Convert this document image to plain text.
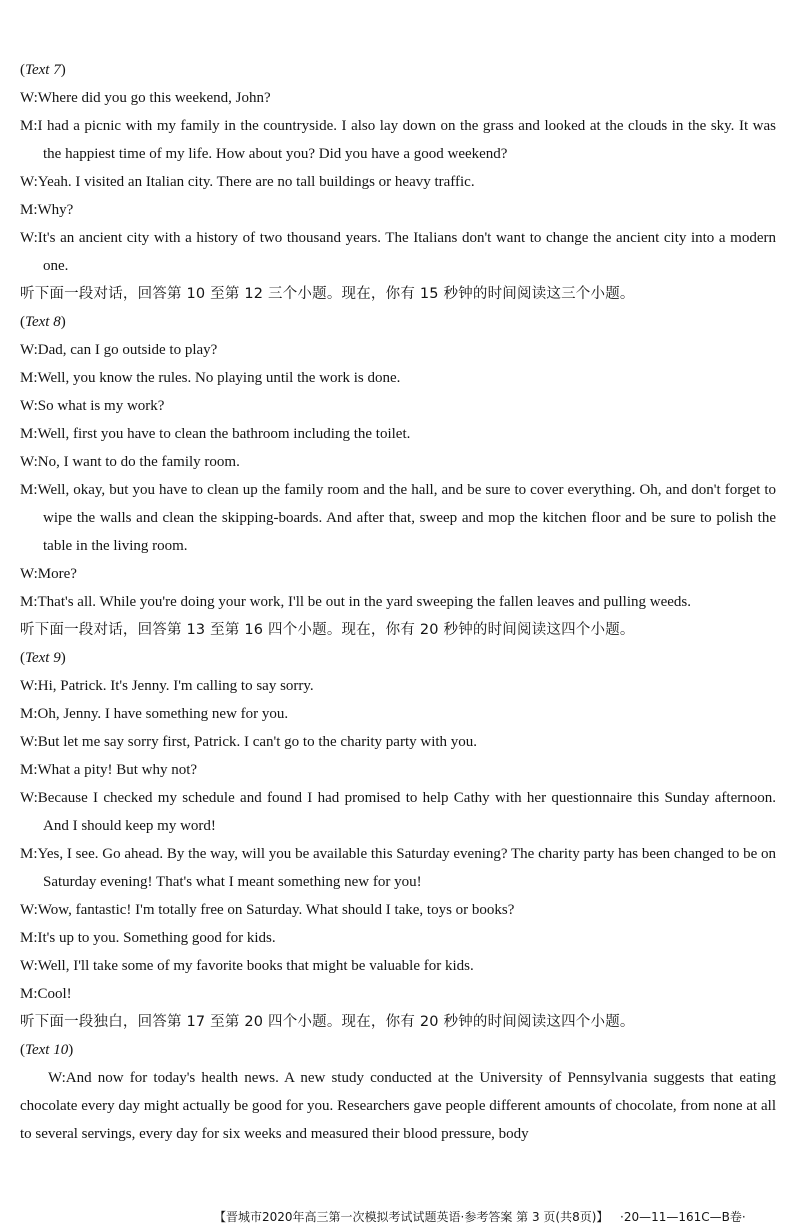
(Text 7)
W:Where did you go this weekend, John?
M:I had a picnic with my family in the countryside. I also lay down on the grass and looked at the clouds in the sky. It was the happiest time of my life. How about you? Did you have a good weekend?
W:Yeah. I visited an Italian city. There are no tall buildings or heavy traffic.
M:Why?
W:It's an ancient city with a history of two thousand years. The Italians don't want to change the ancient city into a modern one.
听下面一段对话，回答第 10 至第 12 三个小题。现在，你有 15 秒钟的时间阅读这三个小题。
(Text 8)
W:Dad, can I go outside to play?
M:Well, you know the rules. No playing until the work is done.
W:So what is my work?
M:Well, first you have to clean the bathroom including the toilet.
W:No, I want to do the family room.
M:Well, okay, but you have to clean up the family room and the hall, and be sure to cover everything. Oh, and don't forget to wipe the walls and clean the skipping-boards. And after that, sweep and mop the kitchen floor and be sure to polish the table in the living room.
W:More?
M:That's all. While you're doing your work, I'll be out in the yard sweeping the fallen leaves and pulling weeds.
听下面一段对话，回答第 13 至第 16 四个小题。现在，你有 20 秒钟的时间阅读这四个小题。
(Text 9)
W:Hi, Patrick. It's Jenny. I'm calling to say sorry.
M:Oh, Jenny. I have something new for you.
W:But let me say sorry first, Patrick. I can't go to the charity party with you.
M:What a pity! But why not?
W:Because I checked my schedule and found I had promised to help Cathy with her questionnaire this Sunday afternoon. And I should keep my word!
M:Yes, I see. Go ahead. By the way, will you be available this Saturday evening? The charity party has been changed to be on Saturday evening! That's what I meant something new for you!
W:Wow, fantastic! I'm totally free on Saturday. What should I take, toys or books?
M:It's up to you. Something good for kids.
W:Well, I'll take some of my favorite books that might be valuable for kids.
M:Cool!
听下面一段独白，回答第 17 至第 20 四个小题。现在，你有 20 秒钟的时间阅读这四个小题。
(Text 10)
W:And now for today's health news. A new study conducted at the University of Pennsylvania suggests that eating chocolate every day might actually be good for you. Researchers gave people different amounts of chocolate, from none at all to several servings, every day for six weeks and measured their blood pressure, body
【晋城市2020年高三第一次模拟考试试题英语·参考答案 第 3 页(共8页)】 ·20—11—161C—B卷·
